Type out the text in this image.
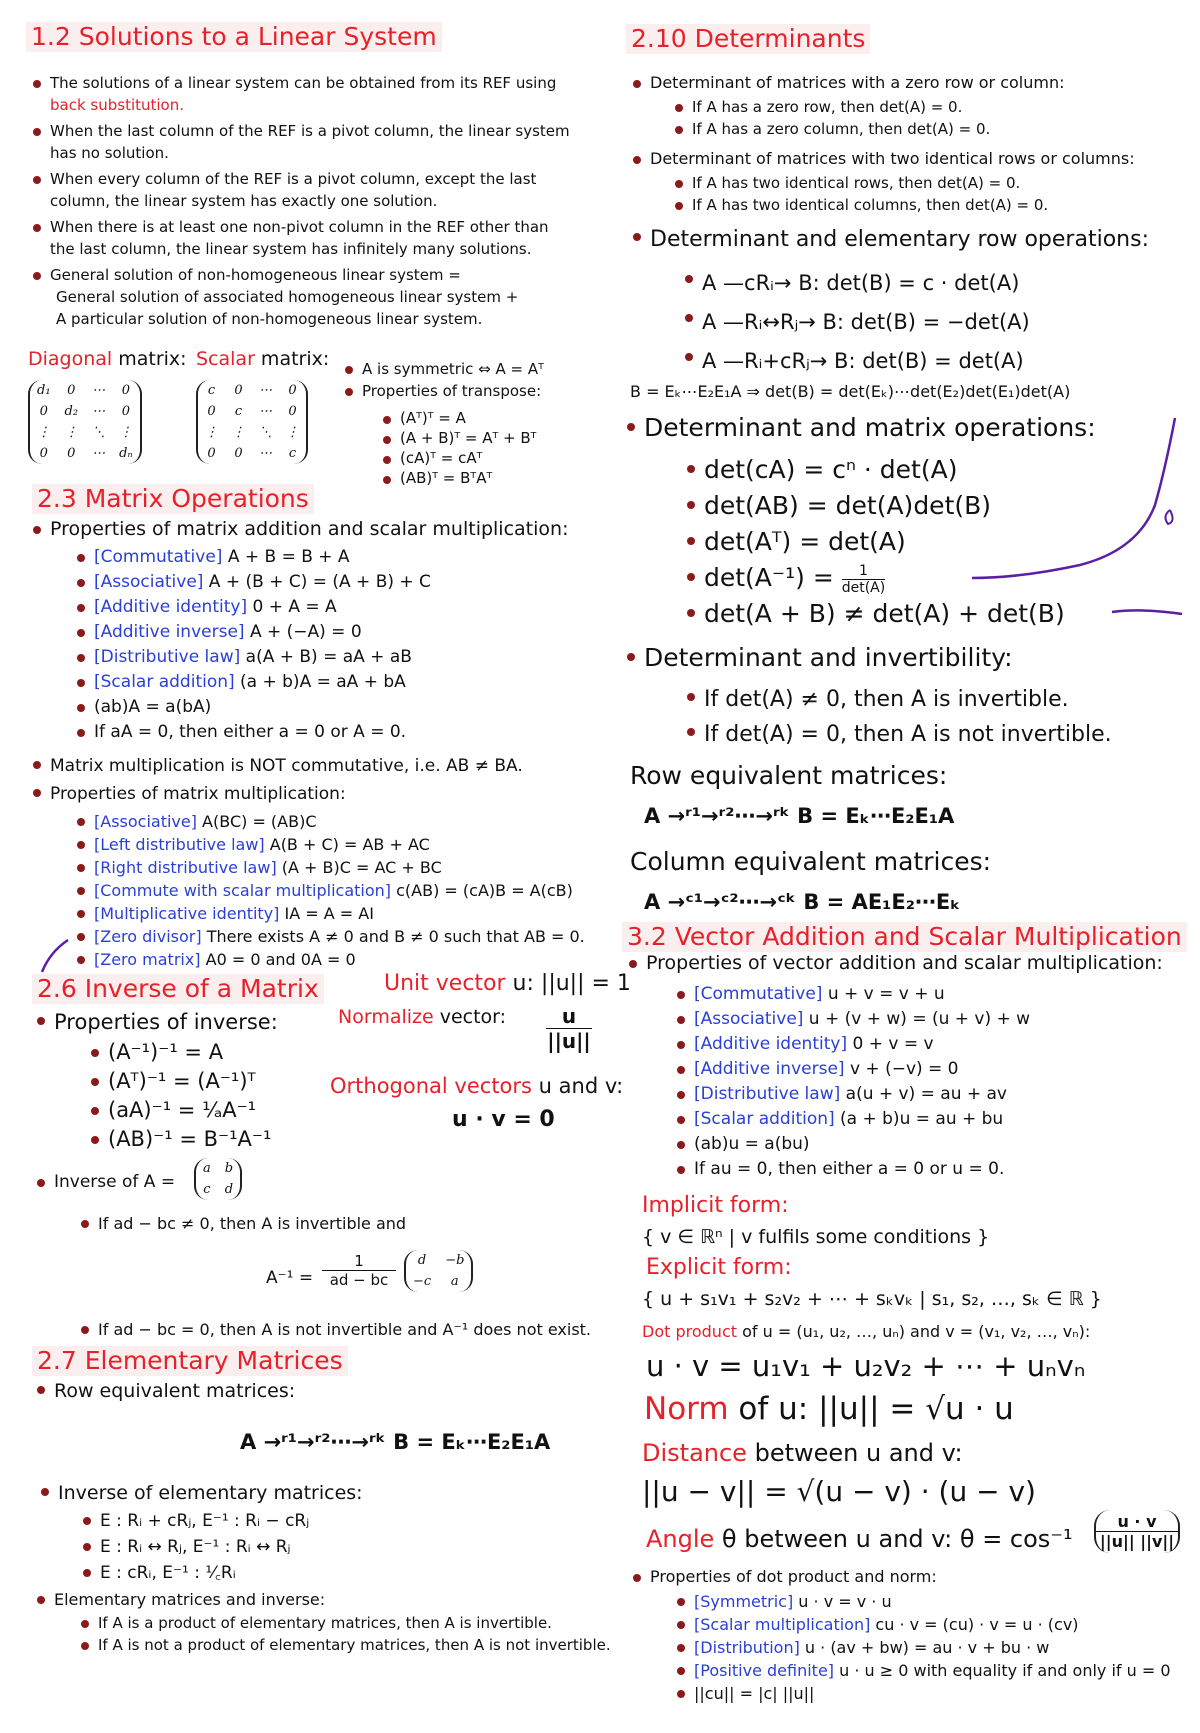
1.2 Solutions to a Linear System
The solutions of a linear system can be obtained from its REF using
back substitution.
When the last column of the REF is a pivot column, the linear system
has no solution.
When every column of the REF is a pivot column, except the last
column, the linear system has exactly one solution.
When there is at least one non-pivot column in the REF other than
the last column, the linear system has infinitely many solutions.
General solution of non-homogeneous linear system =
General solution of associated homogeneous linear system +
A particular solution of non-homogeneous linear system.
Diagonal matrix: Scalar matrix:
d₁	0	⋯	0
0	d₂	⋯	0
⋮	⋮	⋱	⋮
0	0	⋯	dₙ
c	0	⋯	0
0	c	⋯	0
⋮	⋮	⋱	⋮
0	0	⋯	c
A is symmetric ⇔ A = Aᵀ
Properties of transpose:
(Aᵀ)ᵀ = A
(A + B)ᵀ = Aᵀ + Bᵀ
(cA)ᵀ = cAᵀ
(AB)ᵀ = BᵀAᵀ
2.3 Matrix Operations
Properties of matrix addition and scalar multiplication:
[Commutative] A + B = B + A
[Associative] A + (B + C) = (A + B) + C
[Additive identity] 0 + A = A
[Additive inverse] A + (−A) = 0
[Distributive law] a(A + B) = aA + aB
[Scalar addition] (a + b)A = aA + bA
(ab)A = a(bA)
If aA = 0, then either a = 0 or A = 0.
Matrix multiplication is NOT commutative, i.e. AB ≠ BA.
Properties of matrix multiplication:
[Associative] A(BC) = (AB)C
[Left distributive law] A(B + C) = AB + AC
[Right distributive law] (A + B)C = AC + BC
[Commute with scalar multiplication] c(AB) = (cA)B = A(cB)
[Multiplicative identity] IA = A = AI
[Zero divisor] There exists A ≠ 0 and B ≠ 0 such that AB = 0.
[Zero matrix] A0 = 0 and 0A = 0
2.6 Inverse of a Matrix
Properties of inverse:
(A⁻¹)⁻¹ = A
(Aᵀ)⁻¹ = (A⁻¹)ᵀ
(aA)⁻¹ = ¹⁄ₐA⁻¹
(AB)⁻¹ = B⁻¹A⁻¹
Inverse of A =
a	b
c	d
If ad − bc ≠ 0, then A is invertible and
A⁻¹ =
1
ad − bc
d	−b
−c	a
If ad − bc = 0, then A is not invertible and A⁻¹ does not exist.
Unit vector u: ||u|| = 1
Normalize vector:	u
||u||
Orthogonal vectors u and v:
u · v = 0
2.7 Elementary Matrices
Row equivalent matrices:
A →ʳ¹→ʳ²⋯→ʳᵏ B = Eₖ⋯E₂E₁A
Inverse of elementary matrices:
E : Rᵢ + cRⱼ, E⁻¹ : Rᵢ − cRⱼ
E : Rᵢ ↔ Rⱼ, E⁻¹ : Rᵢ ↔ Rⱼ
E : cRᵢ, E⁻¹ : ¹⁄꜀Rᵢ
Elementary matrices and inverse:
If A is a product of elementary matrices, then A is invertible.
If A is not a product of elementary matrices, then A is not invertible.
2.10 Determinants
Determinant of matrices with a zero row or column:
If A has a zero row, then det(A) = 0.
If A has a zero column, then det(A) = 0.
Determinant of matrices with two identical rows or columns:
If A has two identical rows, then det(A) = 0.
If A has two identical columns, then det(A) = 0.
Determinant and elementary row operations:
A —cRᵢ→ B: det(B) = c · det(A)
A —Rᵢ↔Rⱼ→ B: det(B) = −det(A)
A —Rᵢ+cRⱼ→ B: det(B) = det(A)
B = Eₖ⋯E₂E₁A ⇒ det(B) = det(Eₖ)⋯det(E₂)det(E₁)det(A)
Determinant and matrix operations:
det(cA) = cⁿ · det(A)
det(AB) = det(A)det(B)
det(Aᵀ) = det(A)
det(A⁻¹) =	1
det(A)
det(A + B) ≠ det(A) + det(B)
Determinant and invertibility:
If det(A) ≠ 0, then A is invertible.
If det(A) = 0, then A is not invertible.
Row equivalent matrices:
A →ʳ¹→ʳ²⋯→ʳᵏ B = Eₖ⋯E₂E₁A
Column equivalent matrices:
A →ᶜ¹→ᶜ²⋯→ᶜᵏ B = AE₁E₂⋯Eₖ
3.2 Vector Addition and Scalar Multiplication
Properties of vector addition and scalar multiplication:
[Commutative] u + v = v + u
[Associative] u + (v + w) = (u + v) + w
[Additive identity] 0 + v = v
[Additive inverse] v + (−v) = 0
[Distributive law] a(u + v) = au + av
[Scalar addition] (a + b)u = au + bu
(ab)u = a(bu)
If au = 0, then either a = 0 or u = 0.
Implicit form:
{ v ∈ ℝⁿ | v fulfils some conditions }
Explicit form:
{ u + s₁v₁ + s₂v₂ + ⋯ + sₖvₖ | s₁, s₂, …, sₖ ∈ ℝ }
Dot product of u = (u₁, u₂, …, uₙ) and v = (v₁, v₂, …, vₙ):
u · v = u₁v₁ + u₂v₂ + ⋯ + uₙvₙ
Norm of u: ||u|| = √u · u
Distance between u and v:
||u − v|| = √(u − v) · (u − v)
Angle θ between u and v: θ = cos⁻¹
u · v
||u|| ||v||
Properties of dot product and norm:
[Symmetric] u · v = v · u
[Scalar multiplication] cu · v = (cu) · v = u · (cv)
[Distribution] u · (av + bw) = au · v + bu · w
[Positive definite] u · u ≥ 0 with equality if and only if u = 0
||cu|| = |c| ||u||
